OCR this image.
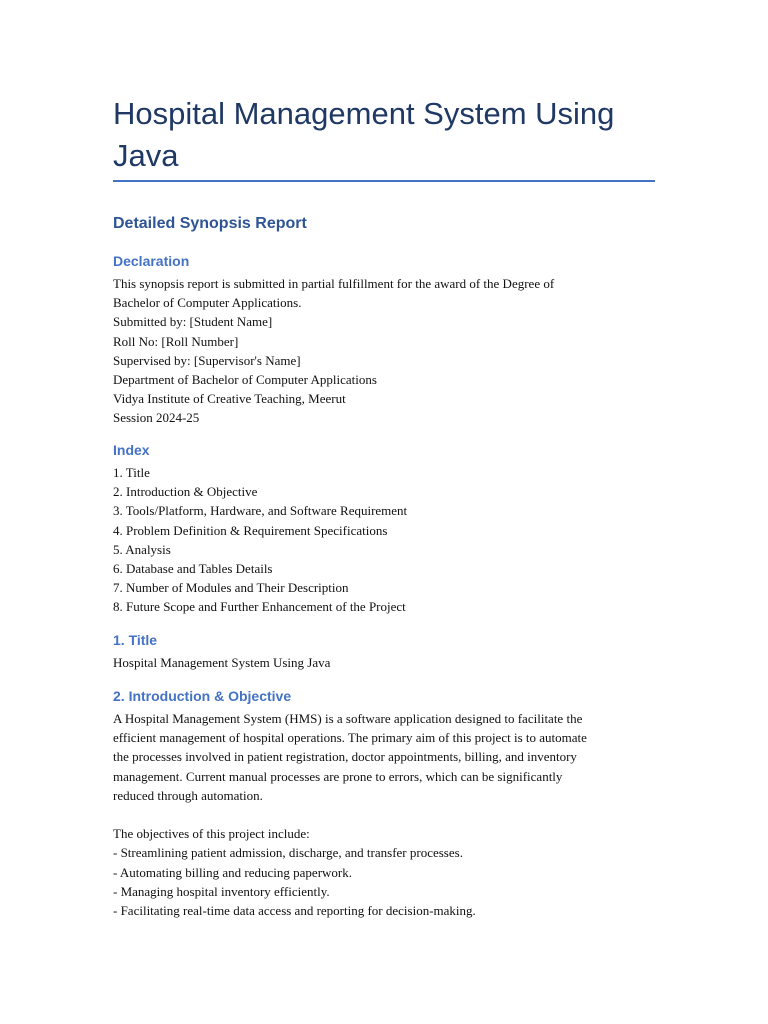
Hospital Management System Using
Java
Detailed Synopsis Report
Declaration
This synopsis report is submitted in partial fulfillment for the award of the Degree of
Bachelor of Computer Applications.
Submitted by: [Student Name]
Roll No: [Roll Number]
Supervised by: [Supervisor's Name]
Department of Bachelor of Computer Applications
Vidya Institute of Creative Teaching, Meerut
Session 2024-25
Index
1. Title
2. Introduction & Objective
3. Tools/Platform, Hardware, and Software Requirement
4. Problem Definition & Requirement Specifications
5. Analysis
6. Database and Tables Details
7. Number of Modules and Their Description
8. Future Scope and Further Enhancement of the Project
1. Title
Hospital Management System Using Java
2. Introduction & Objective
A Hospital Management System (HMS) is a software application designed to facilitate the
efficient management of hospital operations. The primary aim of this project is to automate
the processes involved in patient registration, doctor appointments, billing, and inventory
management. Current manual processes are prone to errors, which can be significantly
reduced through automation.
The objectives of this project include:
- Streamlining patient admission, discharge, and transfer processes.
- Automating billing and reducing paperwork.
- Managing hospital inventory efficiently.
- Facilitating real-time data access and reporting for decision-making.
